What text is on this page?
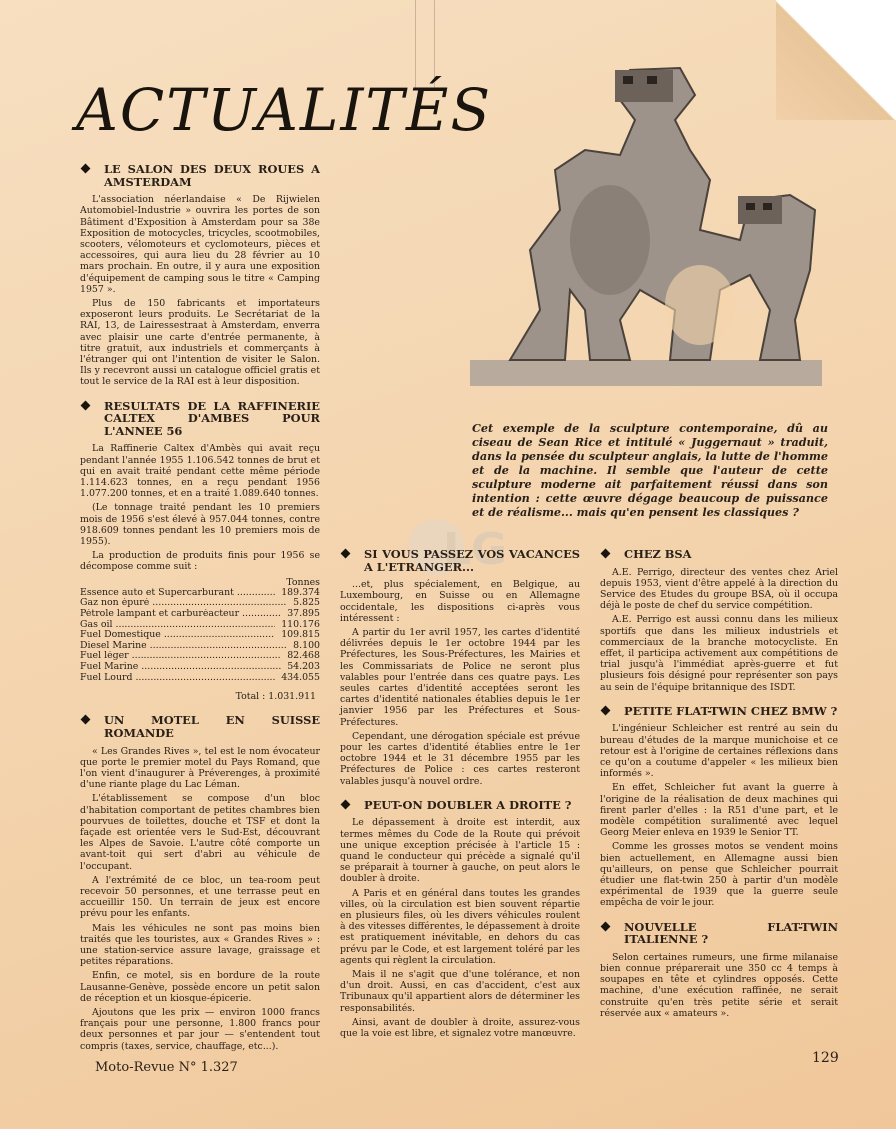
ACTUALITÉS
Cet exemple de la sculpture contemporaine, dû au ciseau de Sean Rice et intitulé « Juggernaut » traduit, dans la pensée du sculpteur anglais, la lutte de l'homme et de la machine. Il semble que l'auteur de cette sculpture moderne ait parfaitement réussi dans son intention : cette œuvre dégage beaucoup de puissance et de réalisme... mais qu'en pensent les classiques ?
LG
LE SALON DES DEUX ROUES A AMSTERDAM

L'association néerlandaise « De Rijwielen Automobiel-Industrie » ouvrira les portes de son Bâtiment d'Exposition à Amsterdam pour sa 38e Exposition de motocycles, tricycles, scootmobiles, scooters, vélomoteurs et cyclomoteurs, pièces et accessoires, qui aura lieu du 28 février au 10 mars prochain. En outre, il y aura une exposition d'équipement de camping sous le titre « Camping 1957 ».

Plus de 150 fabricants et importateurs exposeront leurs produits. Le Secrétariat de la RAI, 13, de Lairessestraat à Amsterdam, enverra avec plaisir une carte d'entrée permanente, à titre gratuit, aux industriels et commerçants à l'étranger qui ont l'intention de visiter le Salon. Ils y recevront aussi un catalogue officiel gratis et tout le service de la RAI est à leur disposition.

RESULTATS DE LA RAFFINERIE CALTEX D'AMBES POUR L'ANNEE 56

La Raffinerie Caltex d'Ambès qui avait reçu pendant l'année 1955 1.106.542 tonnes de brut et qui en avait traité pendant cette même période 1.114.623 tonnes, en a reçu pendant 1956 1.077.200 tonnes, et en a traité 1.089.640 tonnes.

(Le tonnage traité pendant les 10 premiers mois de 1956 s'est élevé à 957.044 tonnes, contre 918.609 tonnes pendant les 10 premiers mois de 1955).

La production de produits finis pour 1956 se décompose comme suit :

Tonnes
Essence auto et Supercarburant .....	189.374
Gaz non épuré .....	5.825
Pétrole lampant et carburéacteur .....	37.895
Gas oil .....	110.176
Fuel Domestique .....	109.815
Diesel Marine .....	8.100
Fuel léger .....	82.468
Fuel Marine .....	54.203
Fuel Lourd .....	434.055
Total : 1.031.911
UN MOTEL EN SUISSE ROMANDE

« Les Grandes Rives », tel est le nom évocateur que porte le premier motel du Pays Romand, que l'on vient d'inaugurer à Préverenges, à proximité d'une riante plage du Lac Léman.

L'établissement se compose d'un bloc d'habitation comportant de petites chambres bien pourvues de toilettes, douche et TSF et dont la façade est orientée vers le Sud-Est, découvrant les Alpes de Savoie. L'autre côté comporte un avant-toit qui sert d'abri au véhicule de l'occupant.

A l'extrémité de ce bloc, un tea-room peut recevoir 50 personnes, et une terrasse peut en accueillir 150. Un terrain de jeux est encore prévu pour les enfants.

Mais les véhicules ne sont pas moins bien traités que les touristes, aux « Grandes Rives » : une station-service assure lavage, graissage et petites réparations.

Enfin, ce motel, sis en bordure de la route Lausanne-Genève, possède encore un petit salon de réception et un kiosque-épicerie.

Ajoutons que les prix — environ 1000 francs français pour une personne, 1.800 francs pour deux personnes et par jour — s'entendent tout compris (taxes, service, chauffage, etc...).

SI VOUS PASSEZ VOS VACANCES A L'ETRANGER...

...et, plus spécialement, en Belgique, au Luxembourg, en Suisse ou en Allemagne occidentale, les dispositions ci-après vous intéressent :

A partir du 1er avril 1957, les cartes d'identité délivrées depuis le 1er octobre 1944 par les Préfectures, les Sous-Préfectures, les Mairies et les Commissariats de Police ne seront plus valables pour l'entrée dans ces quatre pays. Les seules cartes d'identité acceptées seront les cartes d'identité nationales établies depuis le 1er janvier 1956 par les Préfectures et Sous-Préfectures.

Cependant, une dérogation spéciale est prévue pour les cartes d'identité établies entre le 1er octobre 1944 et le 31 décembre 1955 par les Préfectures de Police : ces cartes resteront valables jusqu'à nouvel ordre.

PEUT-ON DOUBLER A DROITE ?

Le dépassement à droite est interdit, aux termes mêmes du Code de la Route qui prévoit une unique exception précisée à l'article 15 : quand le conducteur qui précède a signalé qu'il se préparait à tourner à gauche, on peut alors le doubler à droite.

A Paris et en général dans toutes les grandes villes, où la circulation est bien souvent répartie en plusieurs files, où les divers véhicules roulent à des vitesses différentes, le dépassement à droite est pratiquement inévitable, en dehors du cas prévu par le Code, et est largement toléré par les agents qui règlent la circulation.

Mais il ne s'agit que d'une tolérance, et non d'un droit. Aussi, en cas d'accident, c'est aux Tribunaux qu'il appartient alors de déterminer les responsabilités.

Ainsi, avant de doubler à droite, assurez-vous que la voie est libre, et signalez votre manœuvre.

CHEZ BSA

A.E. Perrigo, directeur des ventes chez Ariel depuis 1953, vient d'être appelé à la direction du Service des Etudes du groupe BSA, où il occupa déjà le poste de chef du service compétition.

A.E. Perrigo est aussi connu dans les milieux sportifs que dans les milieux industriels et commerciaux de la branche motocycliste. En effet, il participa activement aux compétitions de trial jusqu'à l'immédiat après-guerre et fut plusieurs fois désigné pour représenter son pays au sein de l'équipe britannique des ISDT.

PETITE FLAT-TWIN CHEZ BMW ?

L'ingénieur Schleicher est rentré au sein du bureau d'études de la marque munichoise et ce retour est à l'origine de certaines réflexions dans ce qu'on a coutume d'appeler « les milieux bien informés ».

En effet, Schleicher fut avant la guerre à l'origine de la réalisation de deux machines qui firent parler d'elles : la R51 d'une part, et le modèle compétition suralimenté avec lequel Georg Meier enleva en 1939 le Senior TT.

Comme les grosses motos se vendent moins bien actuellement, en Allemagne aussi bien qu'ailleurs, on pense que Schleicher pourrait étudier une flat-twin 250 à partir d'un modèle expérimental de 1939 que la guerre seule empêcha de voir le jour.

NOUVELLE FLAT-TWIN ITALIENNE ?

Selon certaines rumeurs, une firme milanaise bien connue préparerait une 350 cc 4 temps à soupapes en tête et cylindres opposés. Cette machine, d'une exécution raffinée, ne serait construite qu'en très petite série et serait réservée aux « amateurs ».

Moto-Revue N° 1.327
129
